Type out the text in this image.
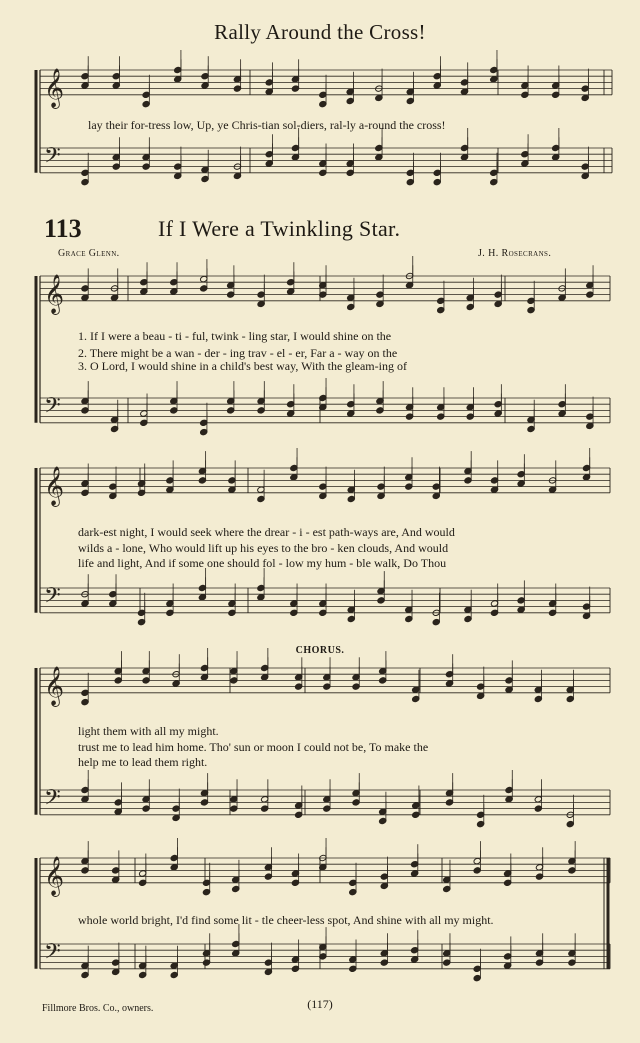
𝄞
𝄢
𝄞
𝄢
𝄞
𝄢
𝄞
𝄢
𝄞
𝄢
Rally Around the Cross!
lay their for-tress low, Up, ye Chris-tian sol-diers, ral-ly a-round the cross!
113	If I Were a Twinkling Star.
Grace Glenn.	J. H. Rosecrans.
1. If I were a beau - ti - ful, twink - ling star, I would shine on the
2. There might be a wan - der - ing trav - el - er, Far a - way on the
3. O Lord, I would shine in a child's best way, With the gleam-ing of
dark-est night, I would seek where the drear - i - est path-ways are, And would
wilds a - lone, Who would lift up his eyes to the bro - ken clouds, And would
life and light, And if some one should fol - low my hum - ble walk, Do Thou
CHORUS.
light them with all my might.
trust me to lead him home. Tho' sun or moon I could not be, To make the
help me to lead them right.
whole world bright, I'd find some lit - tle cheer-less spot, And shine with all my might.
Fillmore Bros. Co., owners.	(117)
